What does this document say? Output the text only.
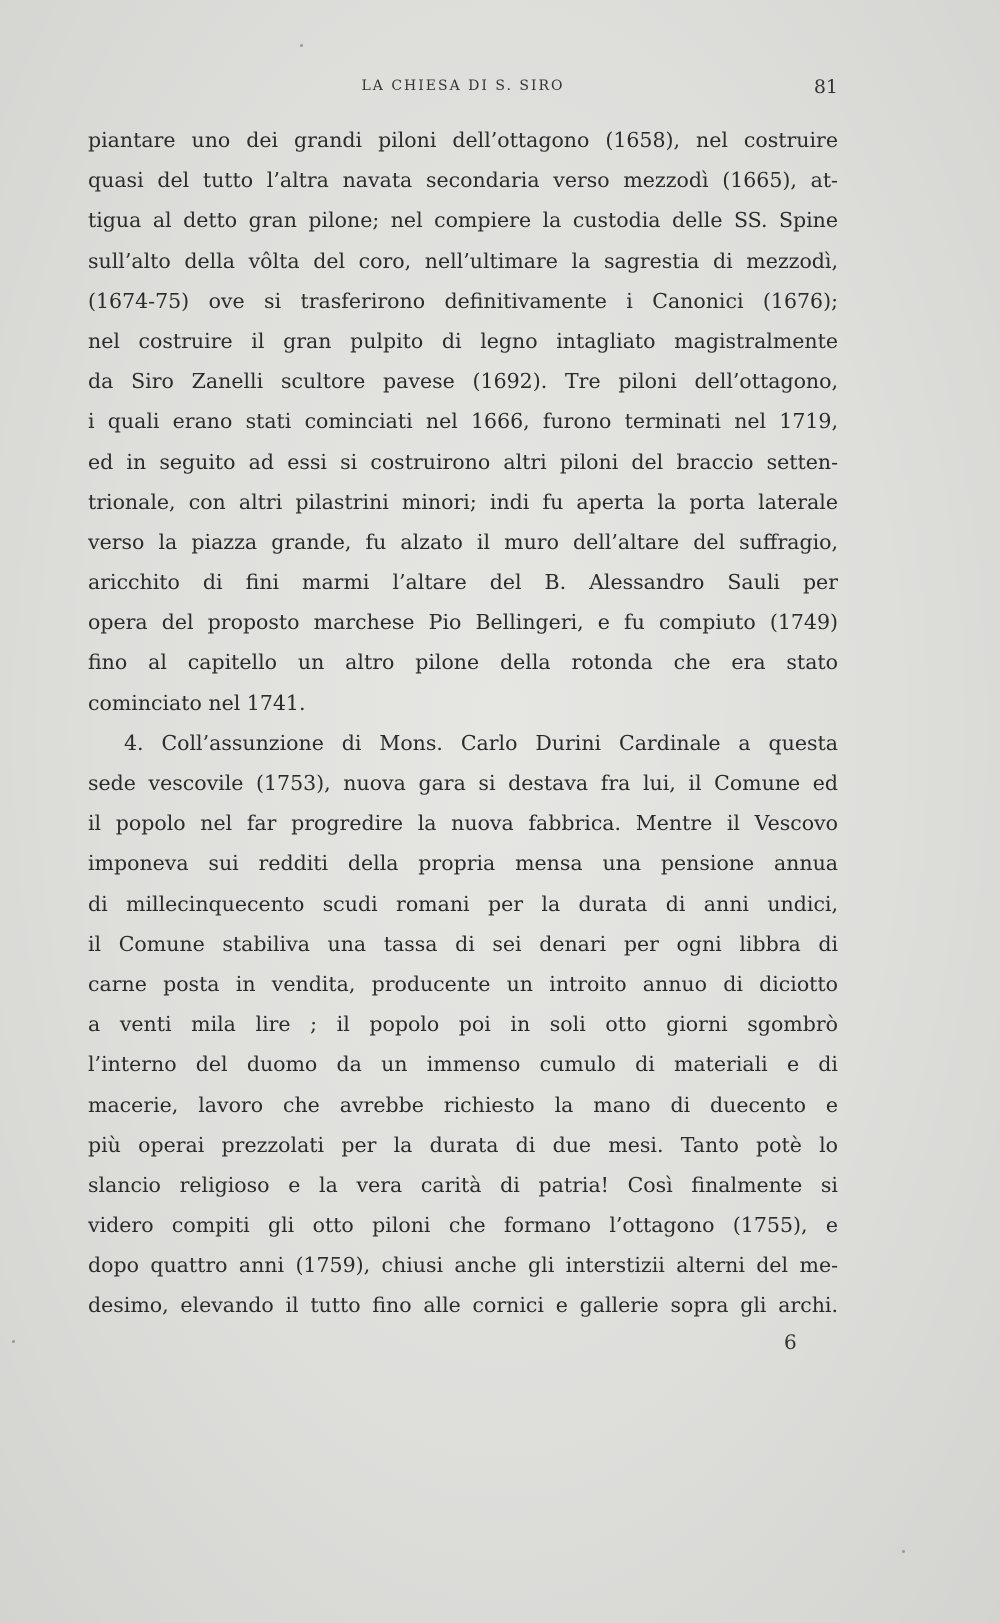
LA CHIESA DI S. SIRO	81
piantare uno dei grandi piloni dell’ottagono (1658), nel costruire
quasi del tutto l’altra navata secondaria verso mezzodì (1665), at-
tigua al detto gran pilone; nel compiere la custodia delle SS. Spine
sull’alto della vôlta del coro, nell’ultimare la sagrestia di mezzodì,
(1674-75) ove si trasferirono definitivamente i Canonici (1676);
nel costruire il gran pulpito di legno intagliato magistralmente
da Siro Zanelli scultore pavese (1692). Tre piloni dell’ottagono,
i quali erano stati cominciati nel 1666, furono terminati nel 1719,
ed in seguito ad essi si costruirono altri piloni del braccio setten-
trionale, con altri pilastrini minori; indi fu aperta la porta laterale
verso la piazza grande, fu alzato il muro dell’altare del suffragio,
aricchito di fini marmi l’altare del B. Alessandro Sauli per
opera del proposto marchese Pio Bellingeri, e fu compiuto (1749)
fino al capitello un altro pilone della rotonda che era stato
cominciato nel 1741.
4. Coll’assunzione di Mons. Carlo Durini Cardinale a questa
sede vescovile (1753), nuova gara si destava fra lui, il Comune ed
il popolo nel far progredire la nuova fabbrica. Mentre il Vescovo
imponeva sui redditi della propria mensa una pensione annua
di millecinquecento scudi romani per la durata di anni undici,
il Comune stabiliva una tassa di sei denari per ogni libbra di
carne posta in vendita, producente un introito annuo di diciotto
a venti mila lire ; il popolo poi in soli otto giorni sgombrò
l’interno del duomo da un immenso cumulo di materiali e di
macerie, lavoro che avrebbe richiesto la mano di duecento e
più operai prezzolati per la durata di due mesi. Tanto potè lo
slancio religioso e la vera carità di patria! Così finalmente si
videro compiti gli otto piloni che formano l’ottagono (1755), e
dopo quattro anni (1759), chiusi anche gli interstizii alterni del me-
desimo, elevando il tutto fino alle cornici e gallerie sopra gli archi.
6
